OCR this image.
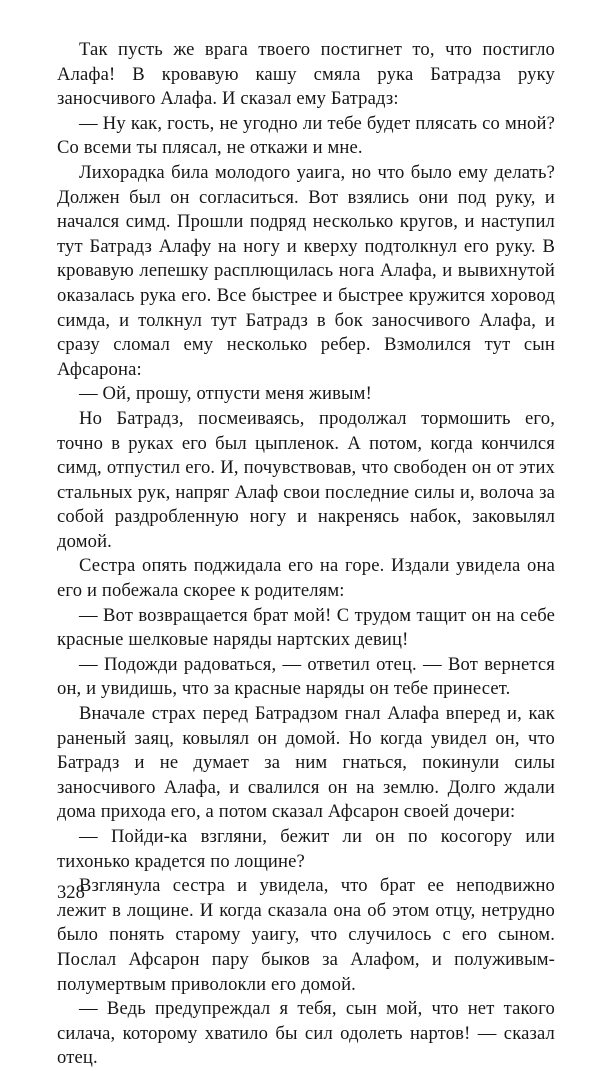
Так пусть же врага твоего постигнет то, что постигло Алафа! В кровавую кашу смяла рука Батрадза руку заносчивого Алафа. И сказал ему Батрадз:

— Ну как, гость, не угодно ли тебе будет плясать со мной? Со всеми ты плясал, не откажи и мне.

Лихорадка била молодого уаига, но что было ему делать? Должен был он согласиться. Вот взялись они под руку, и начался симд. Прошли подряд несколько кругов, и наступил тут Батрадз Алафу на ногу и кверху подтолкнул его руку. В кровавую лепешку расплющилась нога Алафа, и вывихнутой оказалась рука его. Все быстрее и быстрее кружится хоровод симда, и толкнул тут Батрадз в бок заносчивого Алафа, и сразу сломал ему несколько ребер. Взмолился тут сын Афсарона:

— Ой, прошу, отпусти меня живым!

Но Батрадз, посмеиваясь, продолжал тормошить его, точно в руках его был цыпленок. А потом, когда кончился симд, отпустил его. И, почувствовав, что свободен он от этих стальных рук, напряг Алаф свои последние силы и, волоча за собой раздробленную ногу и накренясь набок, заковылял домой.

Сестра опять поджидала его на горе. Издали увидела она его и побежала скорее к родителям:

— Вот возвращается брат мой! С трудом тащит он на себе красные шелковые наряды нартских девиц!

— Подожди радоваться, — ответил отец. — Вот вернется он, и увидишь, что за красные наряды он тебе принесет.

Вначале страх перед Батрадзом гнал Алафа вперед и, как раненый заяц, ковылял он домой. Но когда увидел он, что Батрадз и не думает за ним гнаться, покинули силы заносчивого Алафа, и свалился он на землю. Долго ждали дома прихода его, а потом сказал Афсарон своей дочери:

— Пойди-ка взгляни, бежит ли он по косогору или тихонько крадется по лощине?

Взглянула сестра и увидела, что брат ее неподвижно лежит в лощине. И когда сказала она об этом отцу, нетрудно было понять старому уаигу, что случилось с его сыном. Послал Афсарон пару быков за Алафом, и полуживым-полумертвым приволокли его домой.

— Ведь предупреждал я тебя, сын мой, что нет такого силача, которому хватило бы сил одолеть нартов! — сказал отец.

328
